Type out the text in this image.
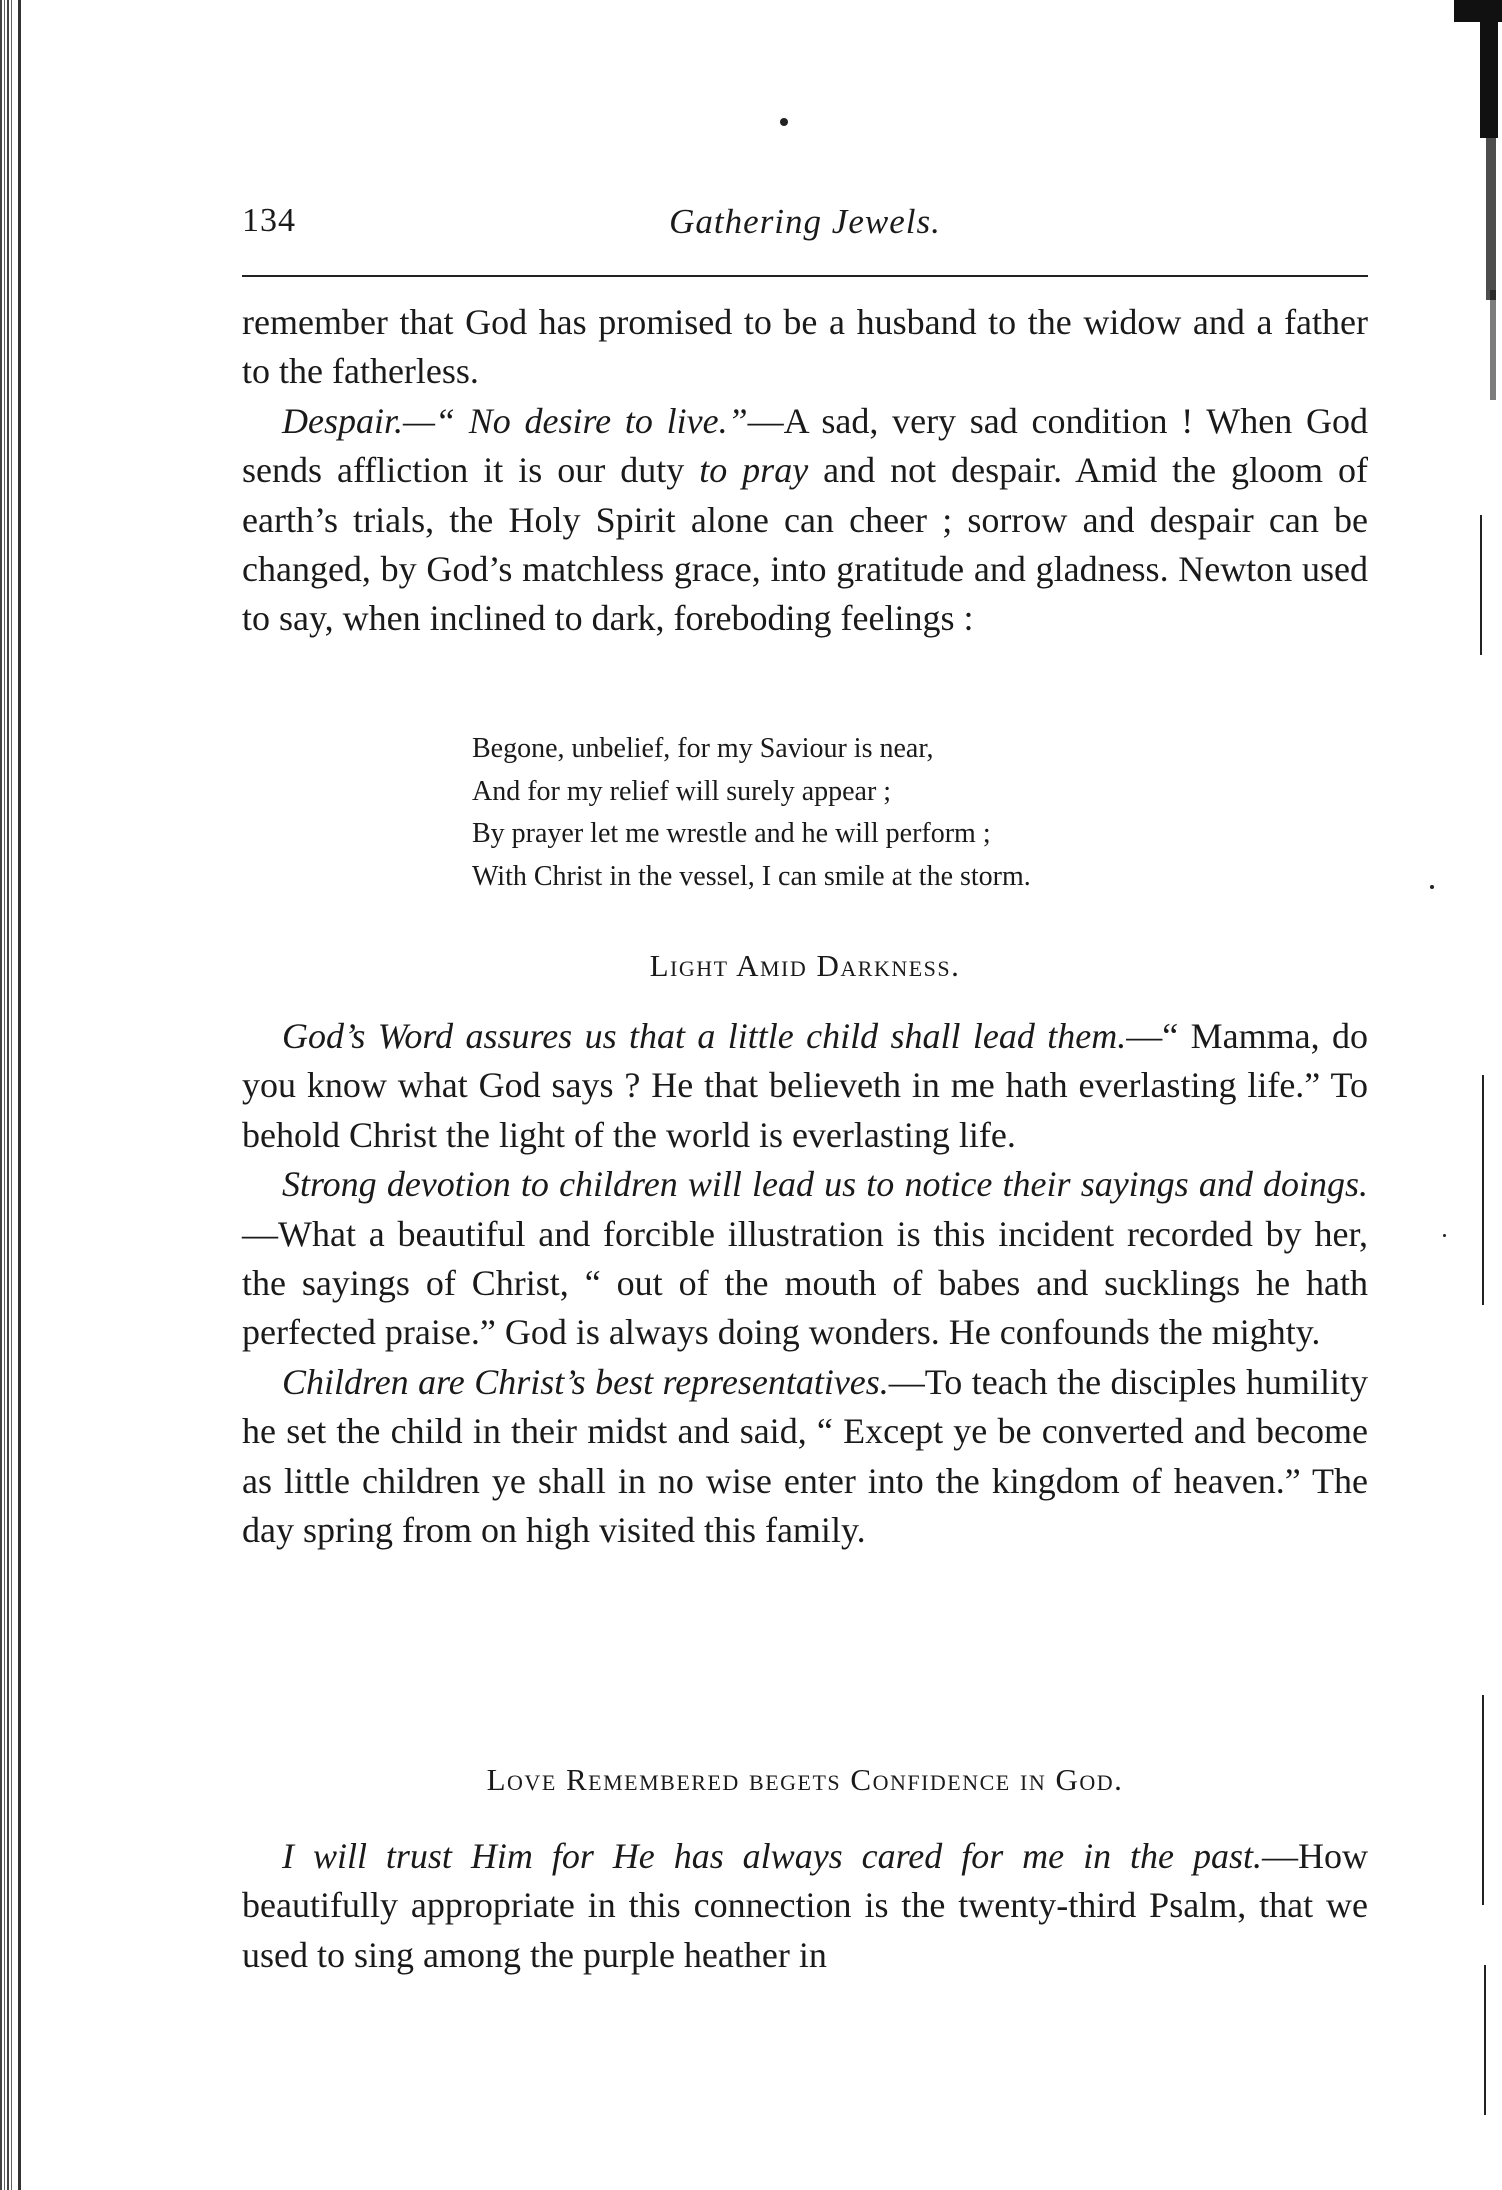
134	Gathering Jewels.

remember that God has promised to be a husband to the widow and a father to the fatherless.

Despair.—“ No desire to live.”—A sad, very sad condition ! When God sends affliction it is our duty to pray and not despair. Amid the gloom of earth’s trials, the Holy Spirit alone can cheer ; sorrow and despair can be changed, by God’s matchless grace, into gratitude and gladness. Newton used to say, when inclined to dark, foreboding feelings :

Begone, unbelief, for my Saviour is near,
And for my relief will surely appear ;
By prayer let me wrestle and he will perform ;
With Christ in the vessel, I can smile at the storm.

Light Amid Darkness.

God’s Word assures us that a little child shall lead them.—“ Mamma, do you know what God says ? He that believeth in me hath everlasting life.” To behold Christ the light of the world is everlasting life.

Strong devotion to children will lead us to notice their sayings and doings.—What a beautiful and forcible illustration is this incident recorded by her, the sayings of Christ, “ out of the mouth of babes and sucklings he hath perfected praise.” God is always doing wonders. He confounds the mighty.

Children are Christ’s best representatives.—To teach the disciples humility he set the child in their midst and said, “ Except ye be converted and become as little children ye shall in no wise enter into the kingdom of heaven.” The day spring from on high visited this family.

Love Remembered begets Confidence in God.

I will trust Him for He has always cared for me in the past.—How beautifully appropriate in this connection is the twenty-third Psalm, that we used to sing among the purple heather in
